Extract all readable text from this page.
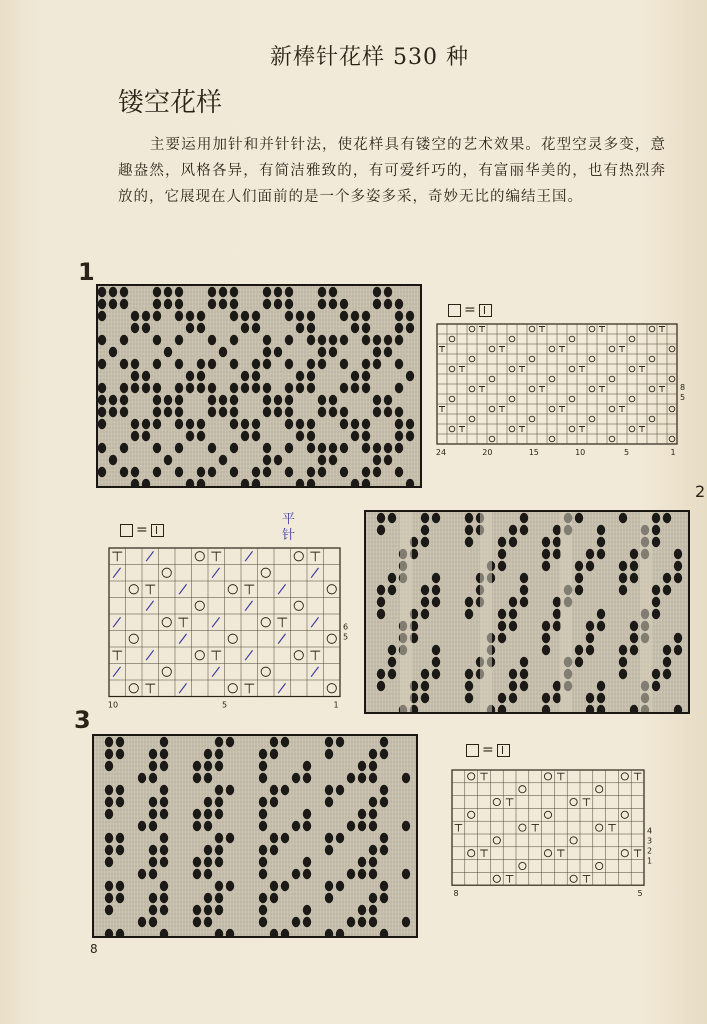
新棒针花样 530 种
镂空花样
主要运用加针和并针针法，使花样具有镂空的艺术效果。花型空灵多变，意趣盎然，风格各异，有简洁雅致的，有可爱纤巧的，有富丽华美的，也有热烈奔放的，它展现在人们面前的是一个多姿多采，奇妙无比的编结王国。
1
=
24	20	15	10	5	1
8
5
=
平针
10	5	1
6
5
2
3
=
8	5
4
3
2
1
8
